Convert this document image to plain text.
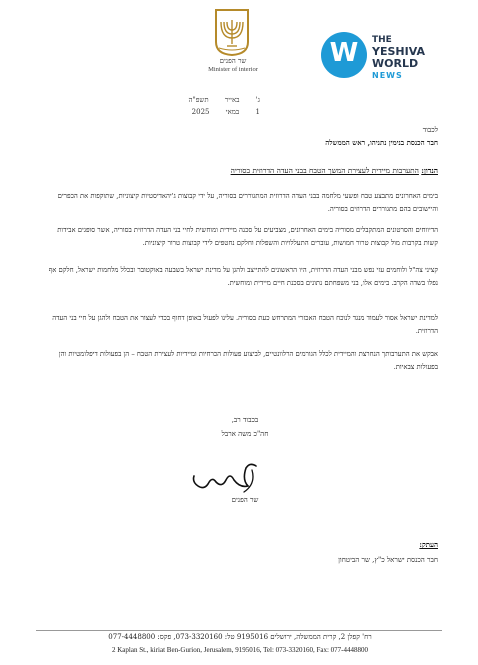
שר הפנים
Minister of interior
W	THE
YESHIVA
WORLD
NEWS
ג' באייר תשפ"ה
1 במאי 2025
לכבוד
חבר הכנסת בנימין נתניהו, ראש הממשלה
הנדון: התערבות מיידית לעצירת המשך הטבח בבני העדה הדרוזית בסוריה
בימים האחרונים מתבצע טבח ופשעי מלחמה בבני העדה הדרוזית המתגוררים בסוריה, על ידי קבוצות ג'יהאדיסטיות קיצוניות, שתוקפות את הכפרים והיישובים בהם מתגוררים הדרוזים בסוריה.
הדיווחים והסרטונים המתקבלים מסוריה בימים האחרונים, מצביעים על סכנה מיידית ומוחשית לחיי בני העדה הדרוזית בסוריה, אשר סופגים אבידות קשות בקרבות מול קבוצות טרור חמושות, עוברים התעללויות והשפלות וחלקם נחטפים לידי קבוצות טרור קיצוניות.
קציני צה"ל ולוחמים עזי נפש מבני העדה הדרוזית, היו הראשונים להתייצב ולהגן על מדינת ישראל בשבעה באוקטובר ובכלל מלחמות ישראל, חלקם אף נפלו בשדה הקרב. בימים אלו, בני משפחתם נתונים בסכנת חיים מיידית ומוחשית.
למדינת ישראל אסור לעמוד מנגד לנוכח הטבח האכזרי המתרחש כעת בסוריה. עלינו לפעול באופן דחוף בכדי לעצור את הטבח ולהגן על חיי בני העדה הדרוזית.
אבקש את התערבותך הנחרצת והמיידית לכלל הגורמים הרלוונטיים, לביצוע פעולות הכרחיות ומיידיות לעצירת הטבח – הן בפעולות דיפלומטיות והן בפעולות צבאיות.
בכבוד רב,
חה"כ משה ארבל
שר הפנים
העתק:
חבר הכנסת ישראל כ"ץ, שר הביטחון
רח' קפלן 2, קרית הממשלה, ירושלים 9195016 טל: 073-3320160, פקס: 077-4448800
2 Kaplan St., kiriat Ben-Gurion, Jerusalem, 9195016, Tel: 073-3320160, Fax: 077-4448800
